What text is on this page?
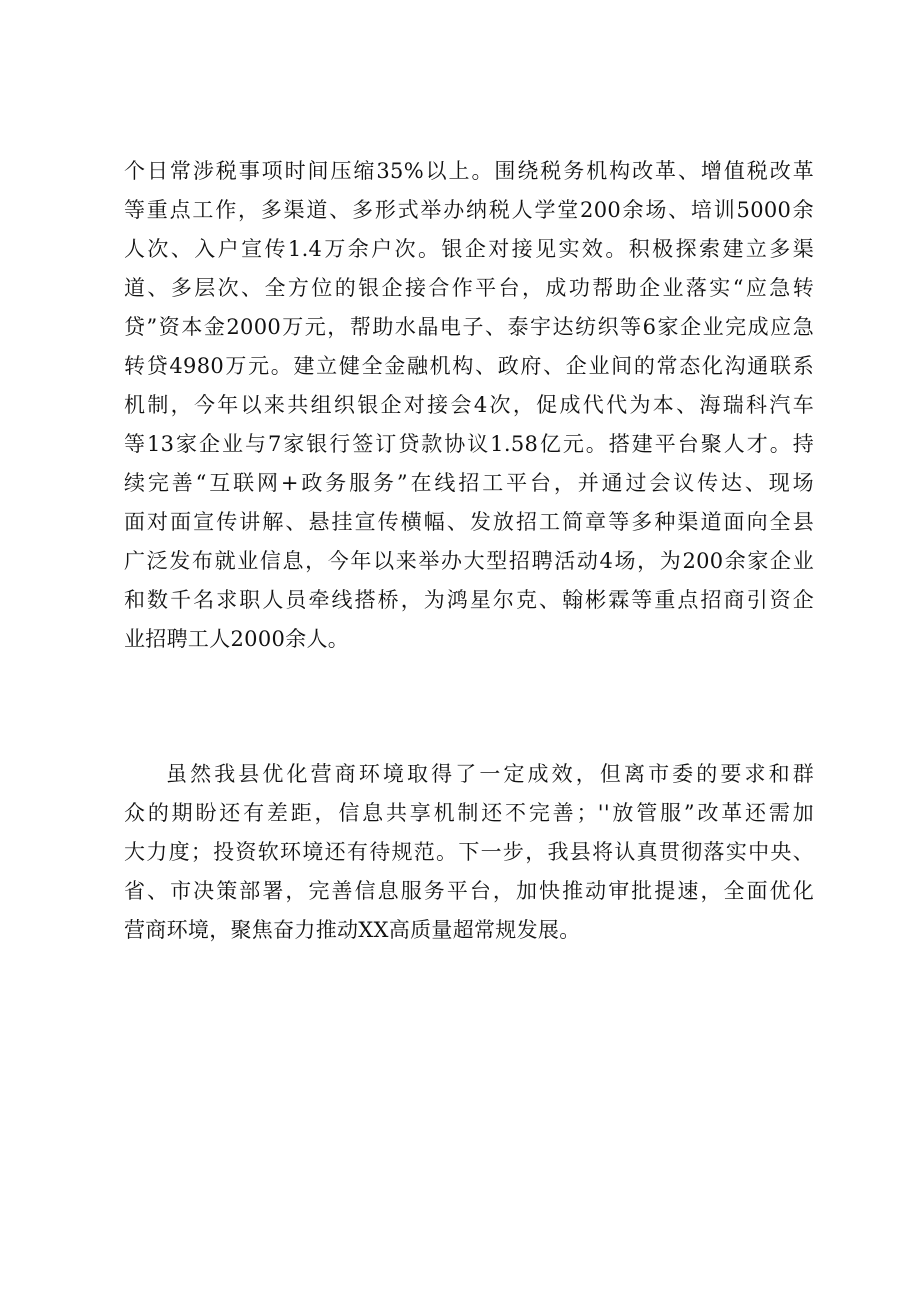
个日常涉税事项时间压缩35%以上。围绕税务机构改革、增值税改革
等重点工作，多渠道、多形式举办纳税人学堂200余场、培训5000余
人次、入户宣传1.4万余户次。银企对接见实效。积极探索建立多渠
道、多层次、全方位的银企接合作平台，成功帮助企业落实“应急转
贷”资本金2000万元，帮助水晶电子、泰宇达纺织等6家企业完成应急
转贷4980万元。建立健全金融机构、政府、企业间的常态化沟通联系
机制，今年以来共组织银企对接会4次，促成代代为本、海瑞科汽车
等13家企业与7家银行签订贷款协议1.58亿元。搭建平台聚人才。持
续完善“互联网+政务服务”在线招工平台，并通过会议传达、现场
面对面宣传讲解、悬挂宣传横幅、发放招工简章等多种渠道面向全县
广泛发布就业信息，今年以来举办大型招聘活动4场，为200余家企业
和数千名求职人员牵线搭桥，为鸿星尔克、翰彬霖等重点招商引资企
业招聘工人2000余人。
虽然我县优化营商环境取得了一定成效，但离市委的要求和群
众的期盼还有差距，信息共享机制还不完善；''放管服”改革还需加
大力度；投资软环境还有待规范。下一步，我县将认真贯彻落实中央、
省、市决策部署，完善信息服务平台，加快推动审批提速，全面优化
营商环境，聚焦奋力推动XX高质量超常规发展。
